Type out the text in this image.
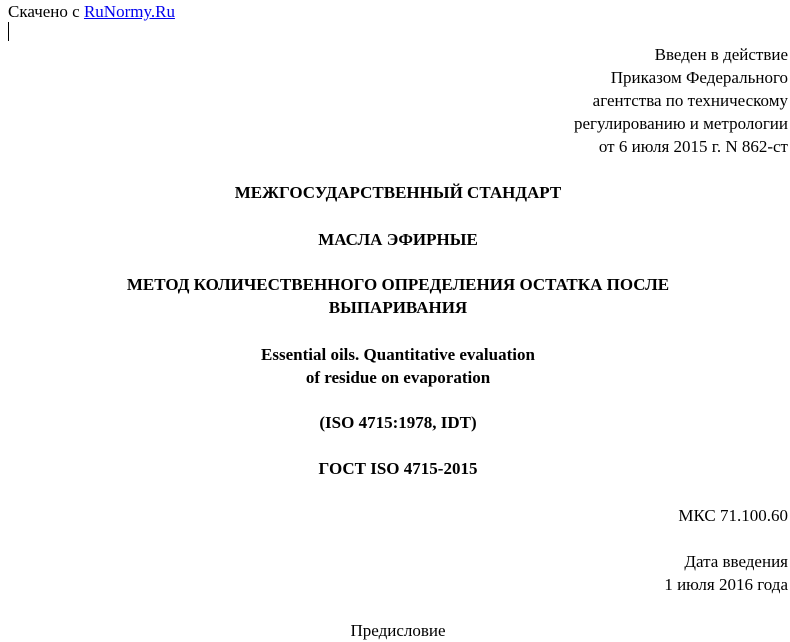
Скачено с RuNormy.Ru
Введен в действие
Приказом Федерального
агентства по техническому
регулированию и метрологии
от 6 июля 2015 г. N 862-ст
МЕЖГОСУДАРСТВЕННЫЙ СТАНДАРТ
МАСЛА ЭФИРНЫЕ
МЕТОД КОЛИЧЕСТВЕННОГО ОПРЕДЕЛЕНИЯ ОСТАТКА ПОСЛЕ
ВЫПАРИВАНИЯ
Essential oils. Quantitative evaluation
of residue on evaporation
(ISO 4715:1978, IDT)
ГОСТ ISO 4715-2015
МКС 71.100.60
Дата введения
1 июля 2016 года
Предисловие
